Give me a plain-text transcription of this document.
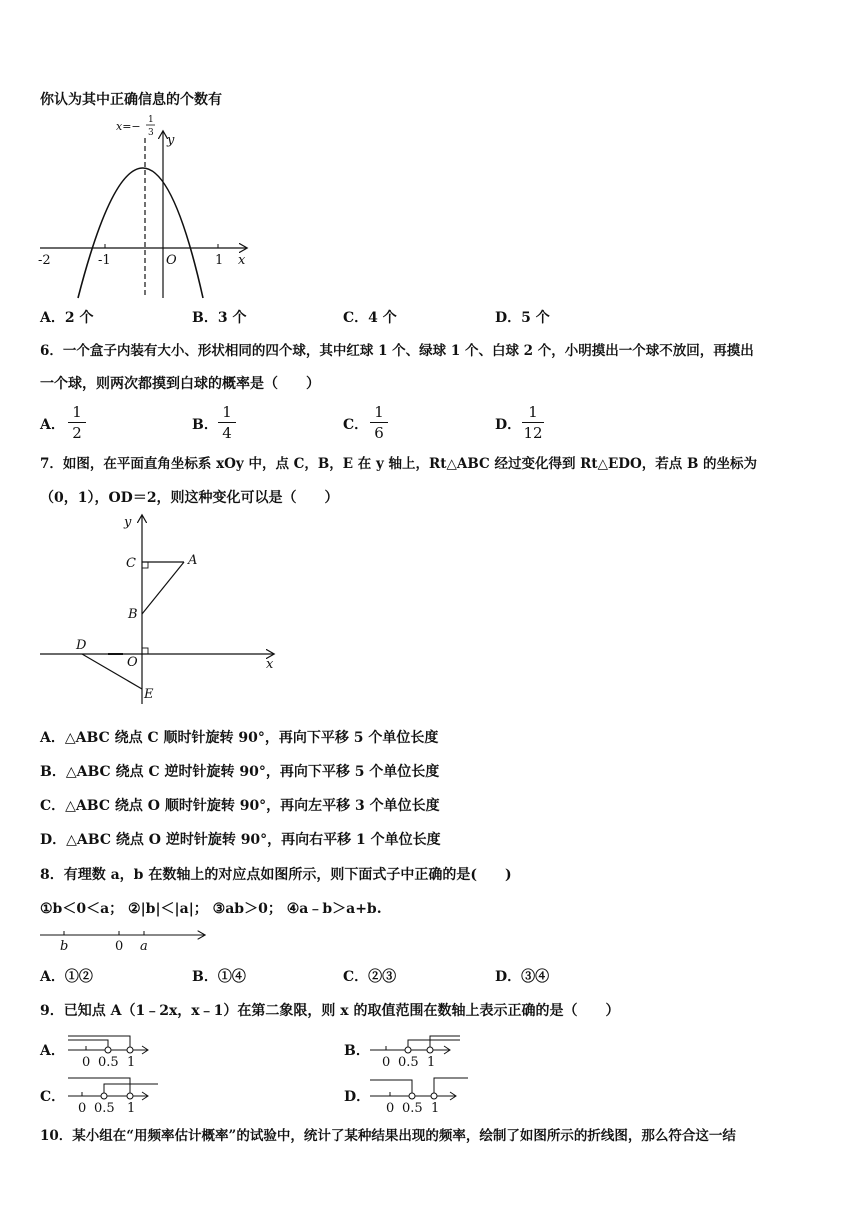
你认为其中正确信息的个数有
-2	-1	1
O	x
y
x=− 1
3
A．2 个	B．3 个	C．4 个	D．5 个
6．一个盒子内装有大小、形状相同的四个球，其中红球 1 个、绿球 1 个、白球 2 个，小明摸出一个球不放回，再摸出
一个球，则两次都摸到白球的概率是（　　）
A．
1
2	B．
1
4	C．
1
6	D．
1
12
7．如图，在平面直角坐标系 xOy 中，点 C，B，E 在 y 轴上，Rt△ABC 经过变化得到 Rt△EDO，若点 B 的坐标为
（0，1），OD＝2，则这种变化可以是（　　）
y
x
C	A
B
D
O
E
A．△ABC 绕点 C 顺时针旋转 90°，再向下平移 5 个单位长度
B．△ABC 绕点 C 逆时针旋转 90°，再向下平移 5 个单位长度
C．△ABC 绕点 O 顺时针旋转 90°，再向左平移 3 个单位长度
D．△ABC 绕点 O 逆时针旋转 90°，再向右平移 1 个单位长度
8．有理数 a，b 在数轴上的对应点如图所示，则下面式子中正确的是(　　)
①b＜0＜a； ②|b|＜|a|； ③ab＞0； ④a﹣b＞a+b.
b	0 a
A．①②	B．①④	C．②③	D．③④
9．已知点 A（1﹣2x，x﹣1）在第二象限，则 x 的取值范围在数轴上表示正确的是（　　）
A．
0 0.5 1
B．
0 0.5 1
C．
0 0.5 1
D．
0 0.5 1
10．某小组在“用频率估计概率”的试验中，统计了某种结果出现的频率，绘制了如图所示的折线图，那么符合这一结
